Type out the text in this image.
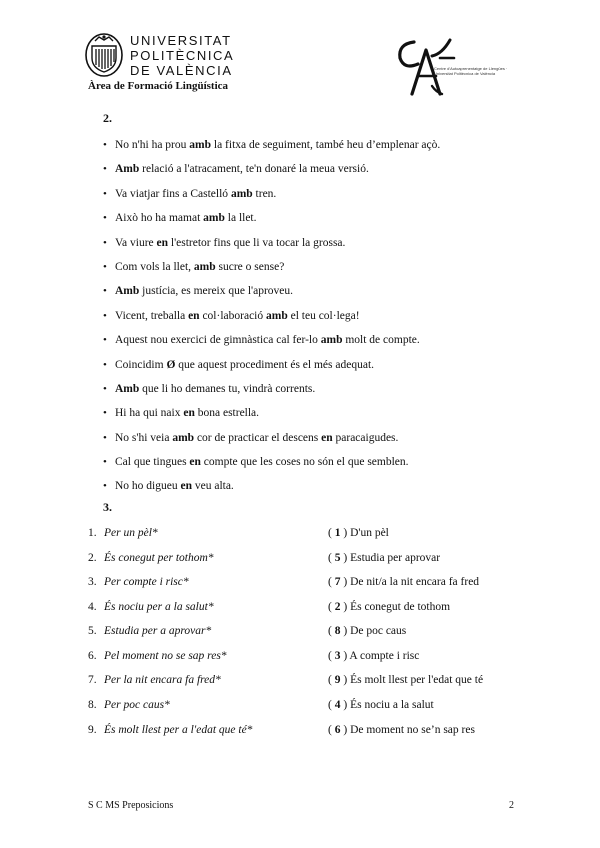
UNIVERSITAT
POLITÈCNICA
DE VALÈNCIA
Àrea de Formació Lingüística
Centre d'Autoaprenentatge de Llengües · Universitat Politècnica de València
2.
• No n'hi ha prou amb la fitxa de seguiment, també heu d’emplenar açò.
• Amb relació a l'atracament, te'n donaré la meua versió.
• Va viatjar fins a Castelló amb tren.
• Això ho ha mamat amb la llet.
• Va viure en l'estretor fins que li va tocar la grossa.
• Com vols la llet, amb sucre o sense?
• Amb justícia, es mereix que l'aproveu.
• Vicent, treballa en col·laboració amb el teu col·lega!
• Aquest nou exercici de gimnàstica cal fer-lo amb molt de compte.
• Coincidim Ø que aquest procediment és el més adequat.
• Amb que li ho demanes tu, vindrà corrents.
• Hi ha qui naix en bona estrella.
• No s'hi veia amb cor de practicar el descens en paracaigudes.
• Cal que tingues en compte que les coses no són el que semblen.
• No ho digueu en veu alta.
3.
1. Per un pèl*	( 1 ) D'un pèl
2. És conegut per tothom*	( 5 ) Estudia per aprovar
3. Per compte i risc*	( 7 ) De nit/a la nit encara fa fred
4. És nociu per a la salut*	( 2 ) És conegut de tothom
5. Estudia per a aprovar*	( 8 ) De poc caus
6. Pel moment no se sap res*	( 3 ) A compte i risc
7. Per la nit encara fa fred*	( 9 ) És molt llest per l'edat que té
8. Per poc caus*	( 4 ) És nociu a la salut
9. És molt llest per a l'edat que té*	( 6 ) De moment no se’n sap res
S C MS Preposicions	2
